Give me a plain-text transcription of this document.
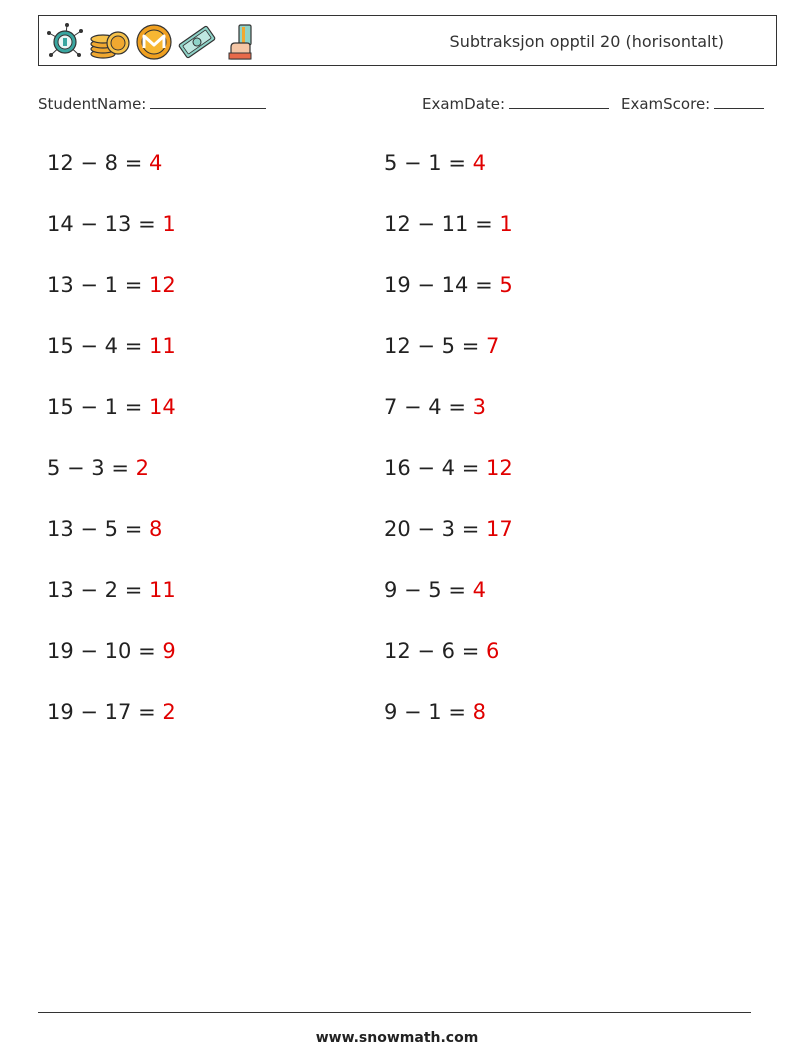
Subtraksjon opptil 20 (horisontalt)
StudentName:	ExamDate:	ExamScore:
12 − 8 = 4
14 − 13 = 1
13 − 1 = 12
15 − 4 = 11
15 − 1 = 14
5 − 3 = 2
13 − 5 = 8
13 − 2 = 11
19 − 10 = 9
19 − 17 = 2
5 − 1 = 4
12 − 11 = 1
19 − 14 = 5
12 − 5 = 7
7 − 4 = 3
16 − 4 = 12
20 − 3 = 17
9 − 5 = 4
12 − 6 = 6
9 − 1 = 8
www.snowmath.com
